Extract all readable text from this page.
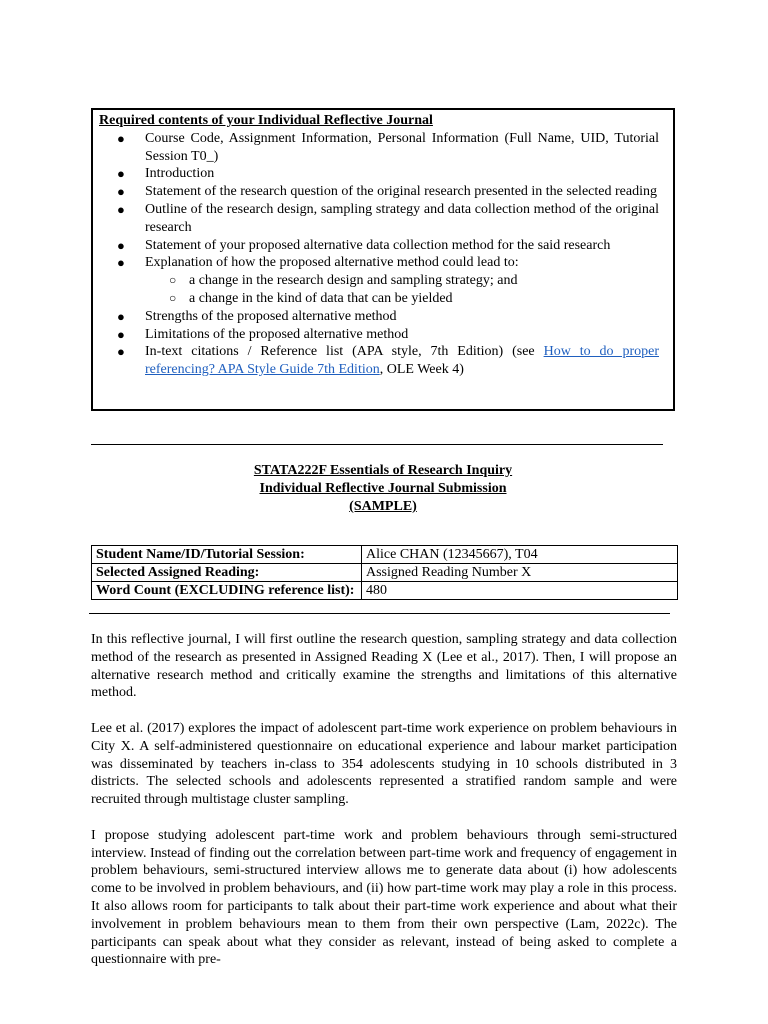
Required contents of your Individual Reflective Journal

● Course Code, Assignment Information, Personal Information (Full Name, UID, Tutorial Session T0_)
● Introduction
● Statement of the research question of the original research presented in the selected reading
● Outline of the research design, sampling strategy and data collection method of the original research
● Statement of your proposed alternative data collection method for the said research
● Explanation of how the proposed alternative method could lead to:
○ a change in the research design and sampling strategy; and
○ a change in the kind of data that can be yielded
● Strengths of the proposed alternative method
● Limitations of the proposed alternative method
● In-text citations / Reference list (APA style, 7th Edition) (see How to do proper referencing? APA Style Guide 7th Edition, OLE Week 4)
STATA222F Essentials of Research Inquiry
Individual Reflective Journal Submission
(SAMPLE)
Student Name/ID/Tutorial Session:	Alice CHAN (12345667), T04
Selected Assigned Reading:	Assigned Reading Number X
Word Count (EXCLUDING reference list):	480

In this reflective journal, I will first outline the research question, sampling strategy and data collection method of the research as presented in Assigned Reading X (Lee et al., 2017). Then, I will propose an alternative research method and critically examine the strengths and limitations of this alternative method.

Lee et al. (2017) explores the impact of adolescent part-time work experience on problem behaviours in City X. A self-administered questionnaire on educational experience and labour market participation was disseminated by teachers in-class to 354 adolescents studying in 10 schools distributed in 3 districts. The selected schools and adolescents represented a stratified random sample and were recruited through multistage cluster sampling.

I propose studying adolescent part-time work and problem behaviours through semi-structured interview. Instead of finding out the correlation between part-time work and frequency of engagement in problem behaviours, semi-structured interview allows me to generate data about (i) how adolescents come to be involved in problem behaviours, and (ii) how part-time work may play a role in this process. It also allows room for participants to talk about their part-time work experience and about what their involvement in problem behaviours mean to them from their own perspective (Lam, 2022c). The participants can speak about what they consider as relevant, instead of being asked to complete a questionnaire with pre-
